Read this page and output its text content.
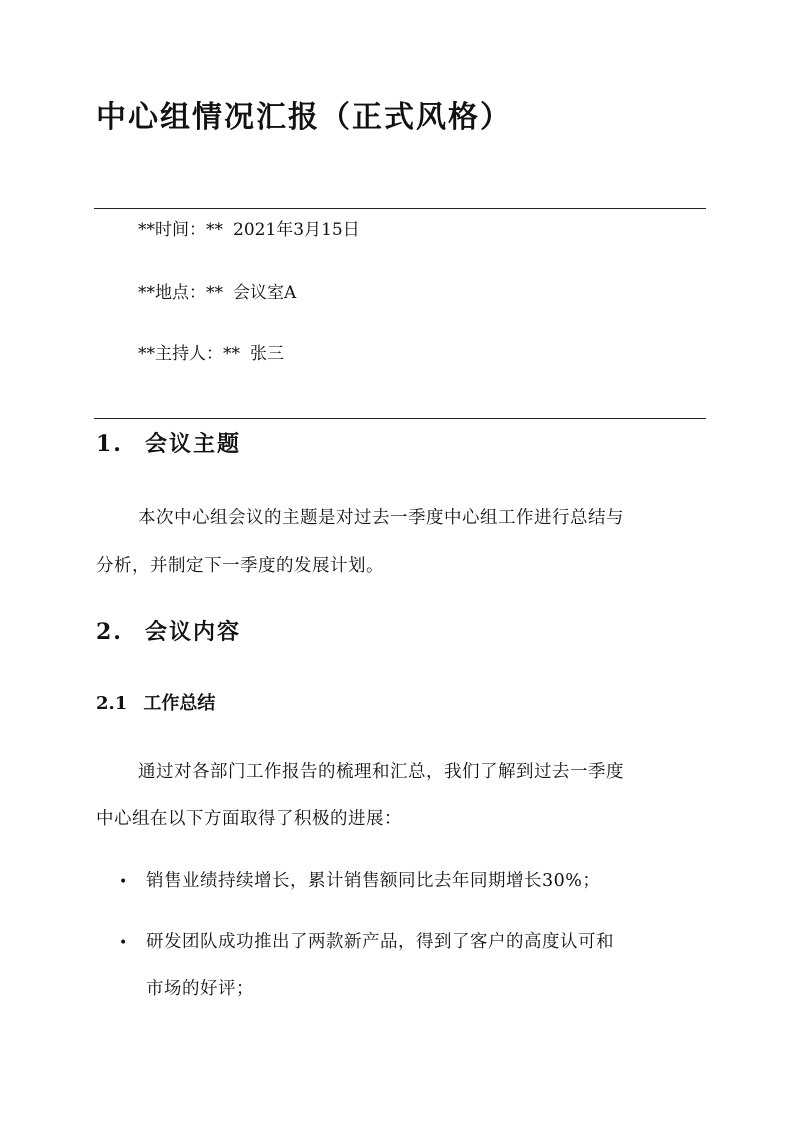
中心组情况汇报（正式风格）
**时间：** 2021年3月15日
**地点：** 会议室A
**主持人：** 张三
1. 会议主题
本次中心组会议的主题是对过去一季度中心组工作进行总结与
分析，并制定下一季度的发展计划。
2. 会议内容
2.1 工作总结
通过对各部门工作报告的梳理和汇总，我们了解到过去一季度
中心组在以下方面取得了积极的进展：
• 销售业绩持续增长，累计销售额同比去年同期增长30%；
• 研发团队成功推出了两款新产品，得到了客户的高度认可和
市场的好评；
